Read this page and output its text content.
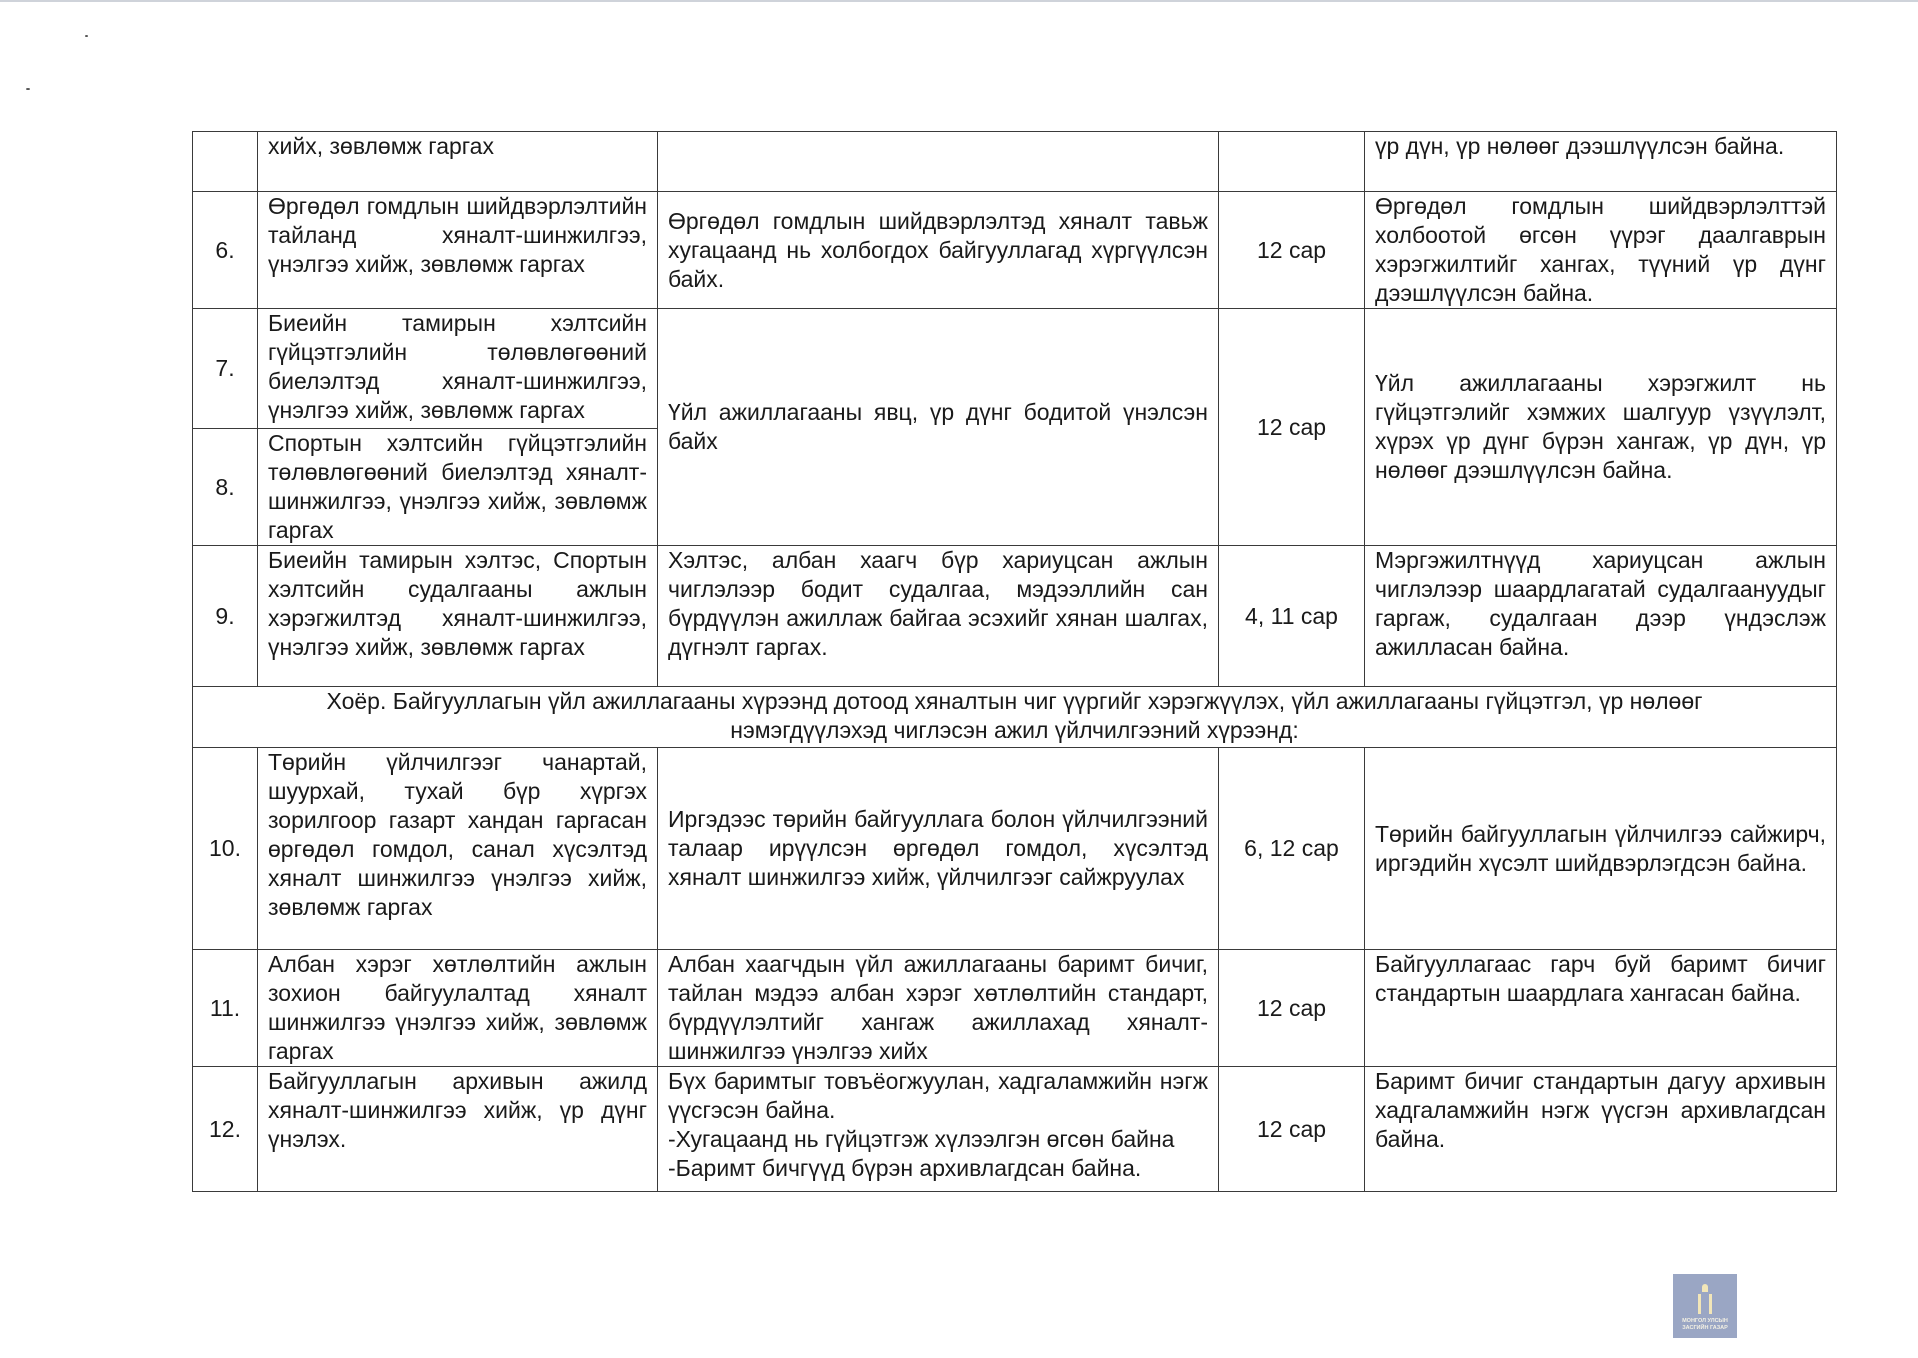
	хийх, зөвлөмж гаргах			үр дүн, үр нөлөөг дээшлүүлсэн байна.
6.	Өргөдөл гомдлын шийдвэрлэлтийн тайланд хяналт-шинжилгээ, үнэлгээ хийж, зөвлөмж гаргах	Өргөдөл гомдлын шийдвэрлэлтэд хяналт тавьж хугацаанд нь холбогдох байгууллагад хүргүүлсэн байх.	12 сар	Өргөдөл гомдлын шийдвэрлэлттэй холбоотой өгсөн үүрэг даалгаврын хэрэгжилтийг хангах, түүний үр дүнг дээшлүүлсэн байна.
7.	Биеийн тамирын хэлтсийн гүйцэтгэлийн төлөвлөгөөний биелэлтэд хяналт-шинжилгээ, үнэлгээ хийж, зөвлөмж гаргах	Үйл ажиллагааны явц, үр дүнг бодитой үнэлсэн байх	12 сар	Үйл ажиллагааны хэрэгжилт нь гүйцэтгэлийг хэмжих шалгуур үзүүлэлт, хүрэх үр дүнг бүрэн хангаж, үр дүн, үр нөлөөг дээшлүүлсэн байна.
8.	Спортын хэлтсийн гүйцэтгэлийн төлөвлөгөөний биелэлтэд хяналт-шинжилгээ, үнэлгээ хийж, зөвлөмж гаргах			
9.	Биеийн тамирын хэлтэс, Спортын хэлтсийн судалгааны ажлын хэрэгжилтэд хяналт-шинжилгээ, үнэлгээ хийж, зөвлөмж гаргах	Хэлтэс, албан хаагч бүр хариуцсан ажлын чиглэлээр бодит судалгаа, мэдээллийн сан бүрдүүлэн ажиллаж байгаа эсэхийг хянан шалгах, дүгнэлт гаргах.	4, 11 сар	Мэргэжилтнүүд хариуцсан ажлын чиглэлээр шаардлагатай судалгаануудыг гаргаж, судалгаан дээр үндэслэж ажилласан байна.

Хоёр. Байгууллагын үйл ажиллагааны хүрээнд дотоод хяналтын чиг үүргийг хэрэгжүүлэх, үйл ажиллагааны гүйцэтгэл, үр нөлөөг
нэмэгдүүлэхэд чиглэсэн ажил үйлчилгээний хүрээнд:				

10.	Төрийн үйлчилгээг чанартай, шуурхай, тухай бүр хүргэх зорилгоор газарт хандан гаргасан өргөдөл гомдол, санал хүсэлтэд хяналт шинжилгээ үнэлгээ хийж, зөвлөмж гаргах	Иргэдээс төрийн байгууллага болон үйлчилгээний талаар ирүүлсэн өргөдөл гомдол, хүсэлтэд хяналт шинжилгээ хийж, үйлчилгээг сайжруулах	6, 12 сар	Төрийн байгууллагын үйлчилгээ сайжирч, иргэдийн хүсэлт шийдвэрлэгдсэн байна.
11.	Албан хэрэг хөтлөлтийн ажлын зохион байгуулалтад хяналт шинжилгээ үнэлгээ хийж, зөвлөмж гаргах	Албан хаагчдын үйл ажиллагааны баримт бичиг, тайлан мэдээ албан хэрэг хөтлөлтийн стандарт, бүрдүүлэлтийг хангаж ажиллахад хяналт-шинжилгээ үнэлгээ хийх	12 сар	Байгууллагаас гарч буй баримт бичиг стандартын шаардлага хангасан байна.
12.	Байгууллагын архивын ажилд хяналт-шинжилгээ хийж, үр дүнг үнэлэх.	Бүх баримтыг товъёогжуулан, хадгаламжийн нэгж үүсгэсэн байна.
-Хугацаанд нь гүйцэтгэж хүлээлгэн өгсөн байна
-Баримт бичгүүд бүрэн архивлагдсан байна.	12 сар	Баримт бичиг стандартын дагуу архивын хадгаламжийн нэгж үүсгэн архивлагдсан байна.
МОНГОЛ УЛСЫН
ЗАСГИЙН ГАЗАР
